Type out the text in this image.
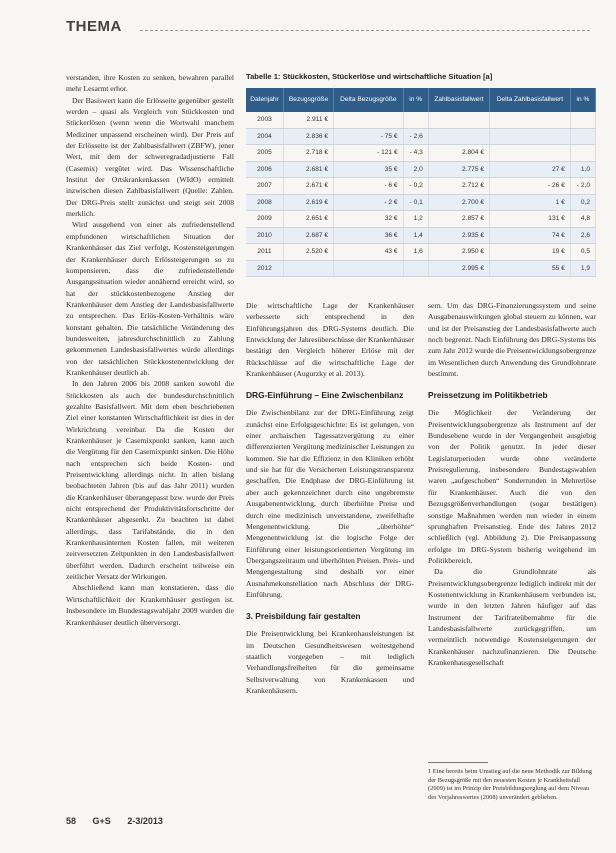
THEMA

verstanden, ihre Kosten zu senken, bewahren parallel mehr Lesarmt erhor.

Der Basiswert kann die Erlösseite gegenüber gestellt werden – quasi als Vergleich von Stückkosten und Stückerlösen (wenn wenn die Wortwahl manchem Mediziner unpassend erscheinen wird). Der Preis auf der Erlösseite ist der Zahlbasisfallwert (ZBFW), jener Wert, mit dem der schweregradadjustierte Fall (Casemix) vergütet wird. Das Wissenschaftliche Institut der Ortskrankenkassen (WIdO) ermittelt inzwischen diesen Zahlbasisfallwert (Quelle: Zahlen. Der DRG-Preis stellt zunächst und steigt seit 2008 merklich.

Wird ausgehend von einer als zufriedenstellend empfundenen wirtschaftlichen Situation der Krankenhäuser das Ziel verfolgt, Kostensteigerungen der Krankenhäuser durch Erlössteigerungen so zu kompensieren, dass die zufriedenstellende Ausgangssituation wieder annähernd erreicht wird, so hat der stückkostenbezogene Anstieg der Krankenhäuser dem Anstieg der Landesbasisfallwerte zu entsprechen. Das Erlös-Kosten-Verhältnis wäre konstant gehalten. Die tatsächliche Veränderung des bundesweiten, jahresdurchschnittlich zu Zahlung gekommenen Landesbasisfallwertes würde allerdings von der tatsächlichen Stückkostenentwicklung der Krankenhäuser deutlich ab.

In den Jahren 2006 bis 2008 sanken sowohl die Stückkosten als auch der bundesdurchschnittlich gezahlte Basisfallwert. Mit dem eben beschriebenen Ziel einer konstanten Wirtschaftlichkeit ist dies in der Wirkrichtung vereinbar. Da die Kosten der Krankenhäuser je Casemixpunkt sanken, kann auch die Vergütung für den Casemixpunkt sinken. Die Höhe nach entsprechen sich beide Kosten- und Preisentwicklung allerdings nicht. In allen bislang beobachteten Jahren (bis auf das Jahr 2011) wurden die Krankenhäuser überangepasst bzw. wurde der Preis nicht entsprechend der Produktivitätsfortschritte der Krankenhäuser abgesenkt. Zu beachten ist dabei allerdings, dass Tarifabstände, die in den Krankenhausinternen Kosten fallen, mit weiteren zeitversetzten Zeitpunkten in den Landesbasisfallwert überführt werden. Dadurch erscheint teilweise ein zeitlicher Versatz der Wirkungen.

Abschließend kann man konstatieren, dass die Wirtschaftlichkeit der Krankenhäuser gestiegen ist. Insbesondere im Bundestagswahljahr 2009 wurden die Krankenhäuser deutlich überversorgt.

Tabelle 1: Stückkosten, Stückerlöse und wirtschaftliche Situation [a]
Datenjahr	Bezugsgröße	Delta Bezugsgröße	in %	Zahlbasisfallwert	Delta Zahlbasisfallwert	in %
2003	2.911 €					
2004	2.836 €	- 75 €	- 2,6			
2005	2.718 €	- 121 €	- 4,3	2.804 €		
2006	2.681 €	35 €	2,0	2.775 €	27 €	1,0
2007	2.671 €	- 6 €	- 0,2	2.712 €	- 26 €	- 2,0
2008	2.619 €	- 2 €	- 0,1	2.700 €	1 €	0,2
2009	2.651 €	32 €	1,2	2.857 €	131 €	4,8
2010	2.687 €	36 €	1,4	2.935 €	74 €	2,6
2011	2.520 €	43 €	1,6	2.950 €	19 €	0,5
2012				2.995 €	55 €	1,9

Die wirtschaftliche Lage der Krankenhäuser verbesserte sich entsprechend in den Einführungsjahren des DRG-Systems deutlich. Die Entwicklung der Jahresüberschüsse der Krankenhäuser bestätigt den Vergleich höherer Erlöse mit der Rückschlüsse auf die wirtschaftliche Lage der Krankenhäuser (Augurzky et al. 2013).

DRG-Einführung – Eine Zwischenbilanz

Die Zwischenbilanz zur der DRG-Einführung zeigt zunächst eine Erfolgsgeschichte: Es ist gelungen, von einer archaischen Tagessatzvergütung zu einer differenzierten Vergütung medizinischer Leistungen zu kommen. Sie hat die Effizienz in den Kliniken erhöht und sie hat für die Versicherten Leistungstransparenz geschaffen. Die Endphase der DRG-Einführung ist aber auch gekennzeichnet durch eine ungebremste Ausgabenentwicklung, durch überhöhte Preise und durch eine medizinisch unverstandene, zweifelhafte Mengenentwicklung. Die „überhöhte“ Mengenentwicklung ist die logische Folge der Einführung einer leistungsorientierten Vergütung im Übergangszeitraum und überhöhten Preisen. Preis- und Mengengestaltung sind deshalb vor einer Ausnahmekonstellation nach Abschluss der DRG-Einführung.

3. Preisbildung fair gestalten

Die Preisentwicklung bei Krankenhausleistungen ist im Deutschen Gesundheitswesen weitestgehend staatlich vorgegeben – mit lediglich Verhandlungsfreiheiten für die gemeinsame Selbstverwaltung von Krankenkassen und Krankenhäusern.

sern. Um das DRG-Finanzierungssystem und seine Ausgabenauswirkungen global steuern zu können, war und ist der Preisanstieg der Landesbasisfallwerte auch noch begrenzt. Nach Einführung des DRG-Systems bis zum Jahr 2012 wurde die Preisentwicklungsobergrenze im Wesentlichen durch Anwendung des Grundlohnrate bestimmt.

Preissetzung im Politikbetrieb

Die Möglichkeit der Veränderung der Preisentwicklungsobergrenze als Instrument auf der Bundesebene wurde in der Vergangenheit ausgiebig von der Politik genutzt. In jeder dieser Legislaturperioden wurde ohne veränderte Preisregulierung, insbesondere Bundestagswahlen waren „aufgeschoben“ Sonderrunden in Mehrerlöse für Krankenhäuser. Auch die von den Bezugsgrößenverhandlungen (sogar bestätigen) sonstige Maßnahmen werden nun wieder in einem sprunghaften Preisanstieg. Ende des Jahres 2012 schließlich (vgl. Abbildung 2). Die Preisanpassung erfolgte im DRG-System bisherig weitgehend im Politikbereich.

Da die Grundlohnrate als Preisentwicklungsobergrenze lediglich indirekt mit der Kostenentwicklung in Krankenhäusern verbunden ist, wurde in den letzten Jahren häufiger auf das Instrument der Tarifrateübernahme für die Landesbasisfallwerte zurückgegriffen, um vermeintlich notwendige Kostensteigerungen der Krankenhäuser nachzufinanzieren. Die Deutsche Krankenhausgesellschaft

1 Eine bereits beim Umstieg auf die neue Methodik zur Bildung der Bezugsgröße mit den neuesten Kosten je Krankheitsfall (2009) ist im Prinzip der Preisbildungsreglung auf dem Niveau des Vorjahreswertes (2008) unverändert geblieben.
58 G+S 2-3/2013
